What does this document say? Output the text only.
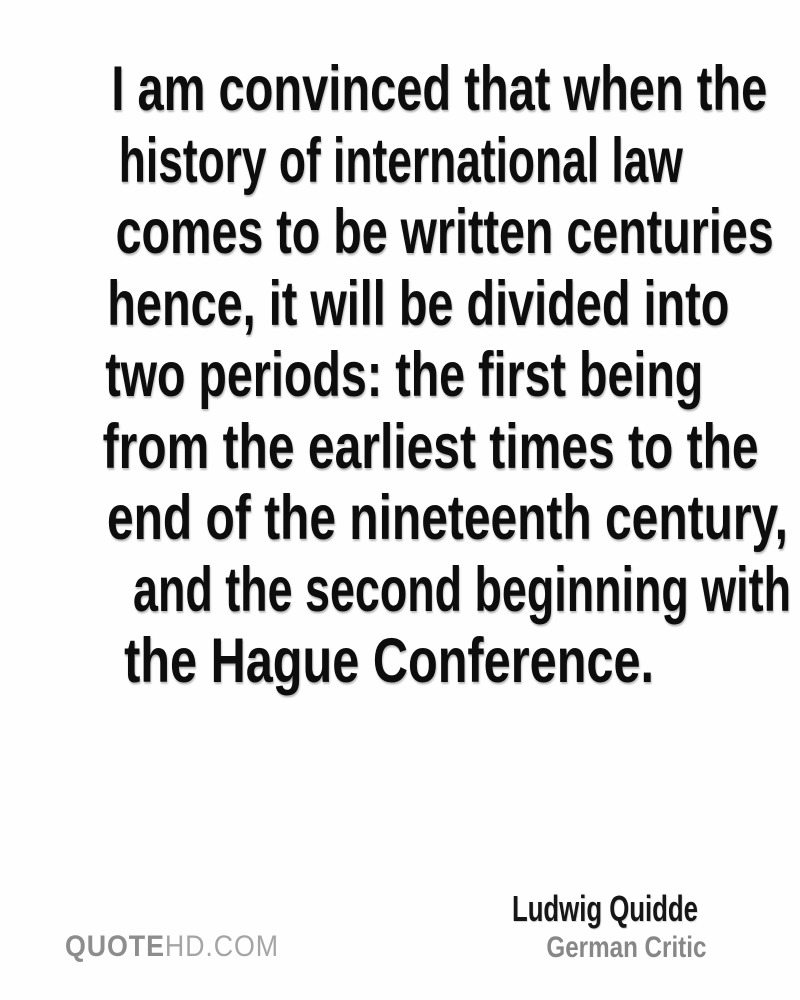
I am convinced that when the
history of international law
comes to be written centuries
hence, it will be divided into
two periods: the first being
from the earliest times to the
end of the nineteenth century,
and the second beginning with
the Hague Conference.
Ludwig Quidde
German Critic
QUOTEHD.COM
